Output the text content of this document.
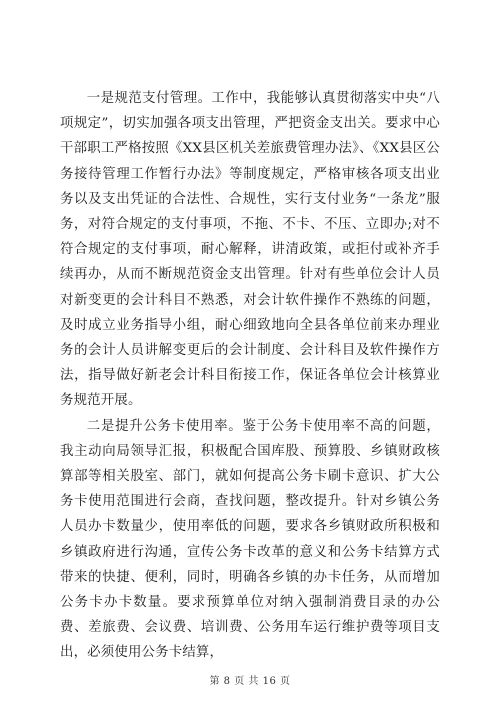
一是规范支付管理。工作中，我能够认真贯彻落实中央“八项规定”，切实加强各项支出管理，严把资金支出关。要求中心干部职工严格按照《XX县区机关差旅费管理办法》、《XX县区公务接待管理工作暂行办法》等制度规定，严格审核各项支出业务以及支出凭证的合法性、合规性，实行支付业务“一条龙”服务，对符合规定的支付事项，不拖、不卡、不压、立即办;对不符合规定的支付事项，耐心解释，讲清政策，或拒付或补齐手续再办，从而不断规范资金支出管理。针对有些单位会计人员对新变更的会计科目不熟悉，对会计软件操作不熟练的问题，及时成立业务指导小组，耐心细致地向全县各单位前来办理业务的会计人员讲解变更后的会计制度、会计科目及软件操作方法，指导做好新老会计科目衔接工作，保证各单位会计核算业务规范开展。

二是提升公务卡使用率。鉴于公务卡使用率不高的问题，我主动向局领导汇报，积极配合国库股、预算股、乡镇财政核算部等相关股室、部门，就如何提高公务卡刷卡意识、扩大公务卡使用范围进行会商，查找问题，整改提升。针对乡镇公务人员办卡数量少，使用率低的问题，要求各乡镇财政所积极和乡镇政府进行沟通，宣传公务卡改革的意义和公务卡结算方式带来的快捷、便利，同时，明确各乡镇的办卡任务，从而增加公务卡办卡数量。要求预算单位对纳入强制消费目录的办公费、差旅费、会议费、培训费、公务用车运行维护费等项目支出，必须使用公务卡结算，

第 8 页 共 16 页
